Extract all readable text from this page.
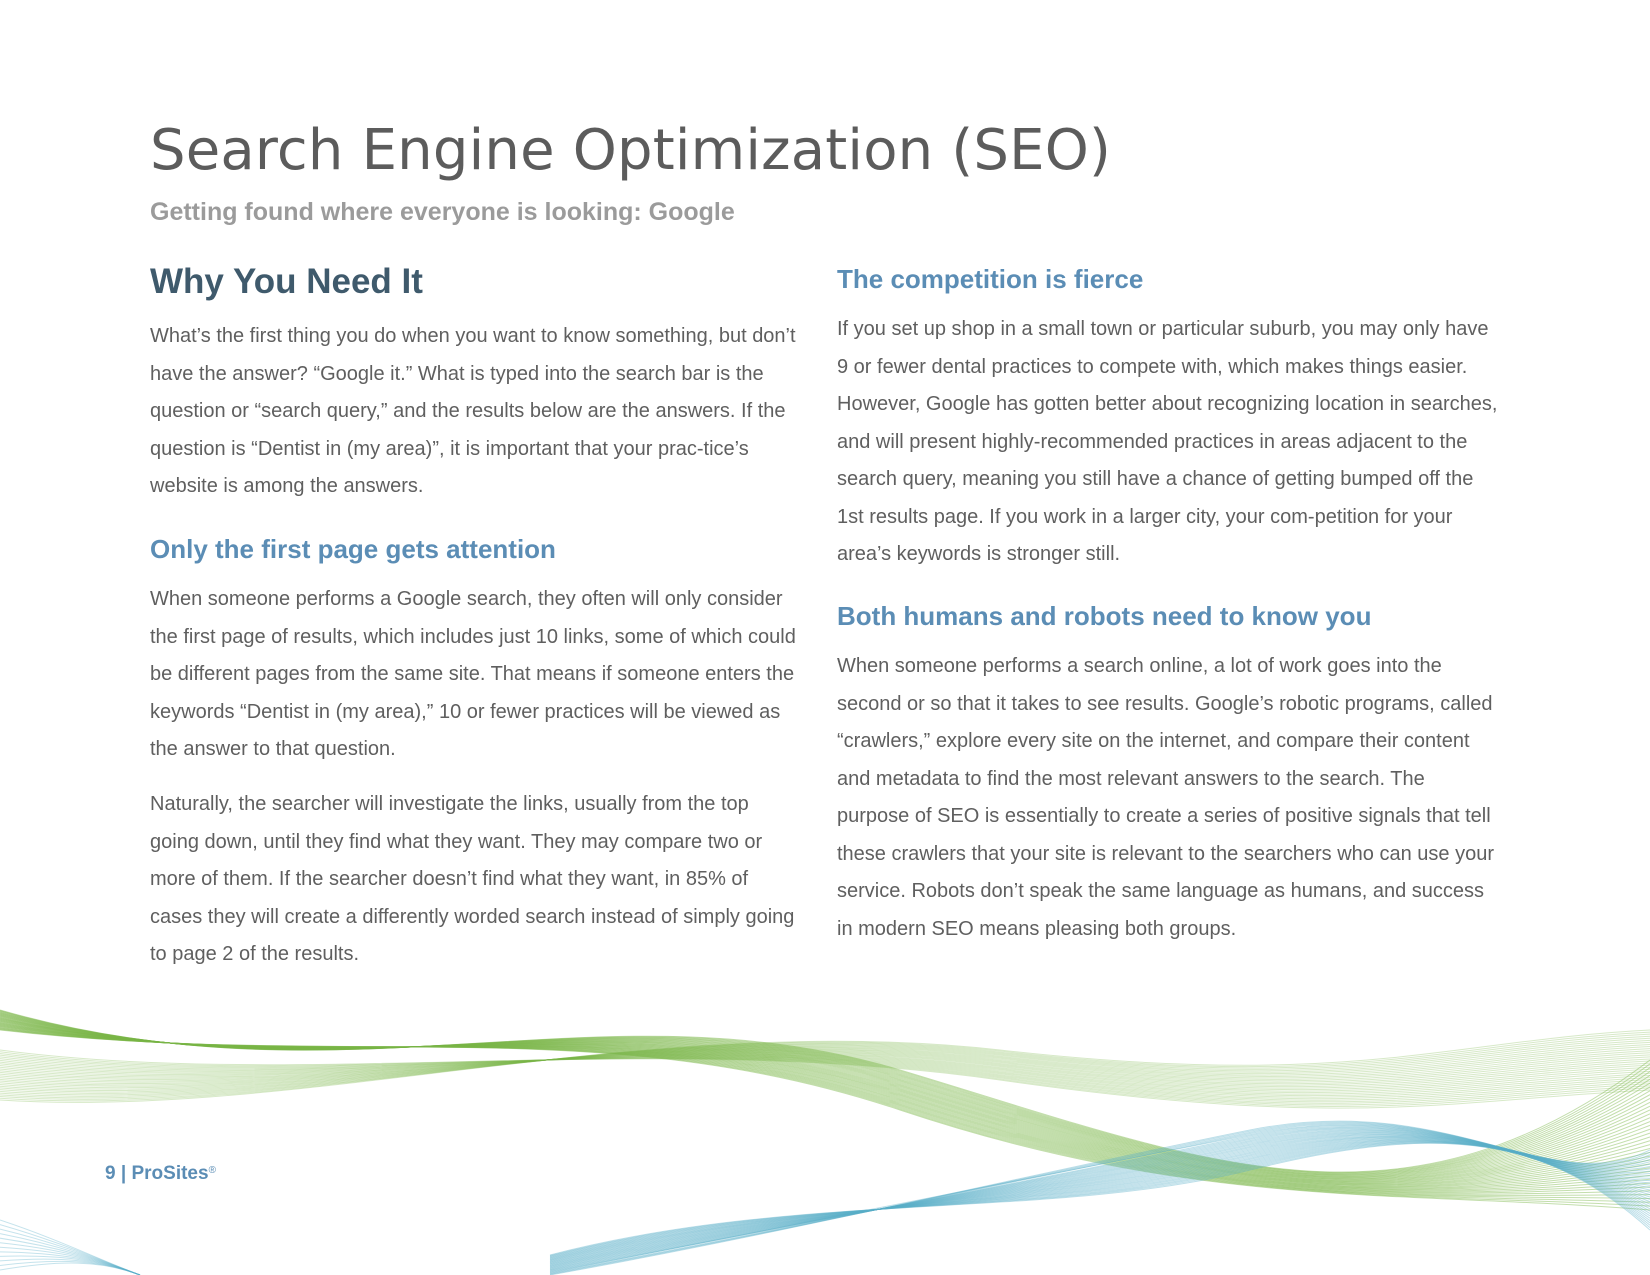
Search Engine Optimization (SEO)
Getting found where everyone is looking: Google
Why You Need It

What’s the first thing you do when you want to know something, but don’t have the answer? “Google it.” What is typed into the search bar is the question or “search query,” and the results below are the answers. If the question is “Dentist in (my area)”, it is important that your prac-tice’s website is among the answers.

Only the first page gets attention

When someone performs a Google search, they often will only consider the first page of results, which includes just 10 links, some of which could be different pages from the same site. That means if someone enters the keywords “Dentist in (my area),” 10 or fewer practices will be viewed as the answer to that question.

Naturally, the searcher will investigate the links, usually from the top going down, until they find what they want. They may compare two or more of them. If the searcher doesn’t find what they want, in 85% of cases they will create a differently worded search instead of simply going to page 2 of the results.

The competition is fierce

If you set up shop in a small town or particular suburb, you may only have 9 or fewer dental practices to compete with, which makes things easier. However, Google has gotten better about recognizing location in searches, and will present highly-recommended practices in areas adjacent to the search query, meaning you still have a chance of getting bumped off the 1st results page. If you work in a larger city, your com-petition for your area’s keywords is stronger still.

Both humans and robots need to know you

When someone performs a search online, a lot of work goes into the second or so that it takes to see results. Google’s robotic programs, called “crawlers,” explore every site on the internet, and compare their content and metadata to find the most relevant answers to the search. The purpose of SEO is essentially to create a series of positive signals that tell these crawlers that your site is relevant to the searchers who can use your service. Robots don’t speak the same language as humans, and success in modern SEO means pleasing both groups.

9 | ProSites®
